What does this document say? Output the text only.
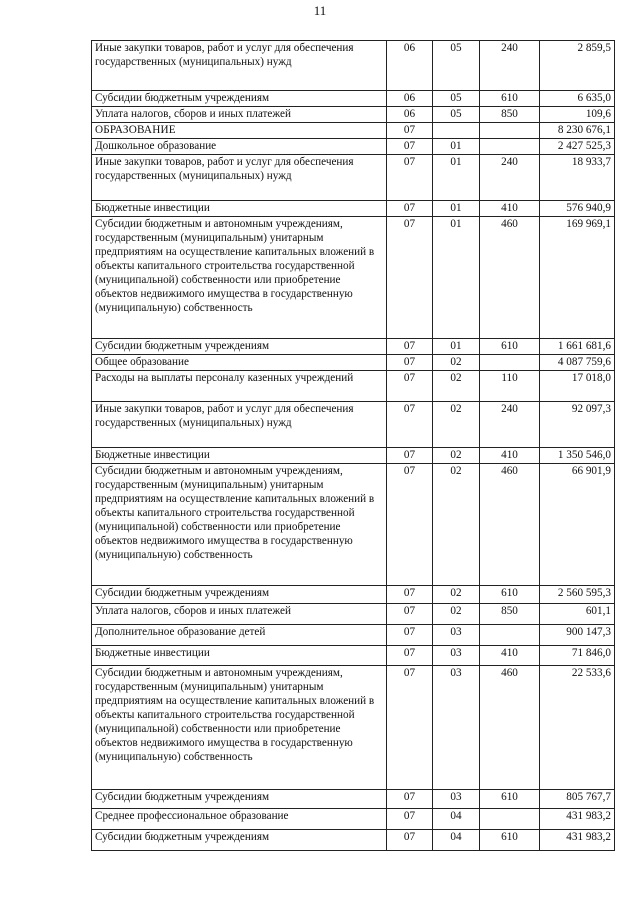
11
Иные закупки товаров, работ и услуг для обеспечения государственных (муниципальных) нужд	06	05	240	2 859,5
Субсидии бюджетным учреждениям	06	05	610	6 635,0
Уплата налогов, сборов и иных платежей	06	05	850	109,6
ОБРАЗОВАНИЕ	07			8 230 676,1
Дошкольное образование	07	01		2 427 525,3
Иные закупки товаров, работ и услуг для обеспечения государственных (муниципальных) нужд	07	01	240	18 933,7
Бюджетные инвестиции	07	01	410	576 940,9
Субсидии бюджетным и автономным учреждениям, государственным (муниципальным) унитарным предприятиям на осуществление капитальных вложений в объекты капитального строительства государственной (муниципальной) собственности или приобретение объектов недвижимого имущества в государственную (муниципальную) собственность	07	01	460	169 969,1
Субсидии бюджетным учреждениям	07	01	610	1 661 681,6
Общее образование	07	02		4 087 759,6
Расходы на выплаты персоналу казенных учреждений	07	02	110	17 018,0
Иные закупки товаров, работ и услуг для обеспечения государственных (муниципальных) нужд	07	02	240	92 097,3
Бюджетные инвестиции	07	02	410	1 350 546,0
Субсидии бюджетным и автономным учреждениям, государственным (муниципальным) унитарным предприятиям на осуществление капитальных вложений в объекты капитального строительства государственной (муниципальной) собственности или приобретение объектов недвижимого имущества в государственную (муниципальную) собственность	07	02	460	66 901,9
Субсидии бюджетным учреждениям	07	02	610	2 560 595,3
Уплата налогов, сборов и иных платежей	07	02	850	601,1
Дополнительное образование детей	07	03		900 147,3
Бюджетные инвестиции	07	03	410	71 846,0
Субсидии бюджетным и автономным учреждениям, государственным (муниципальным) унитарным предприятиям на осуществление капитальных вложений в объекты капитального строительства государственной (муниципальной) собственности или приобретение объектов недвижимого имущества в государственную (муниципальную) собственность	07	03	460	22 533,6
Субсидии бюджетным учреждениям	07	03	610	805 767,7
Среднее профессиональное образование	07	04		431 983,2
Субсидии бюджетным учреждениям	07	04	610	431 983,2
